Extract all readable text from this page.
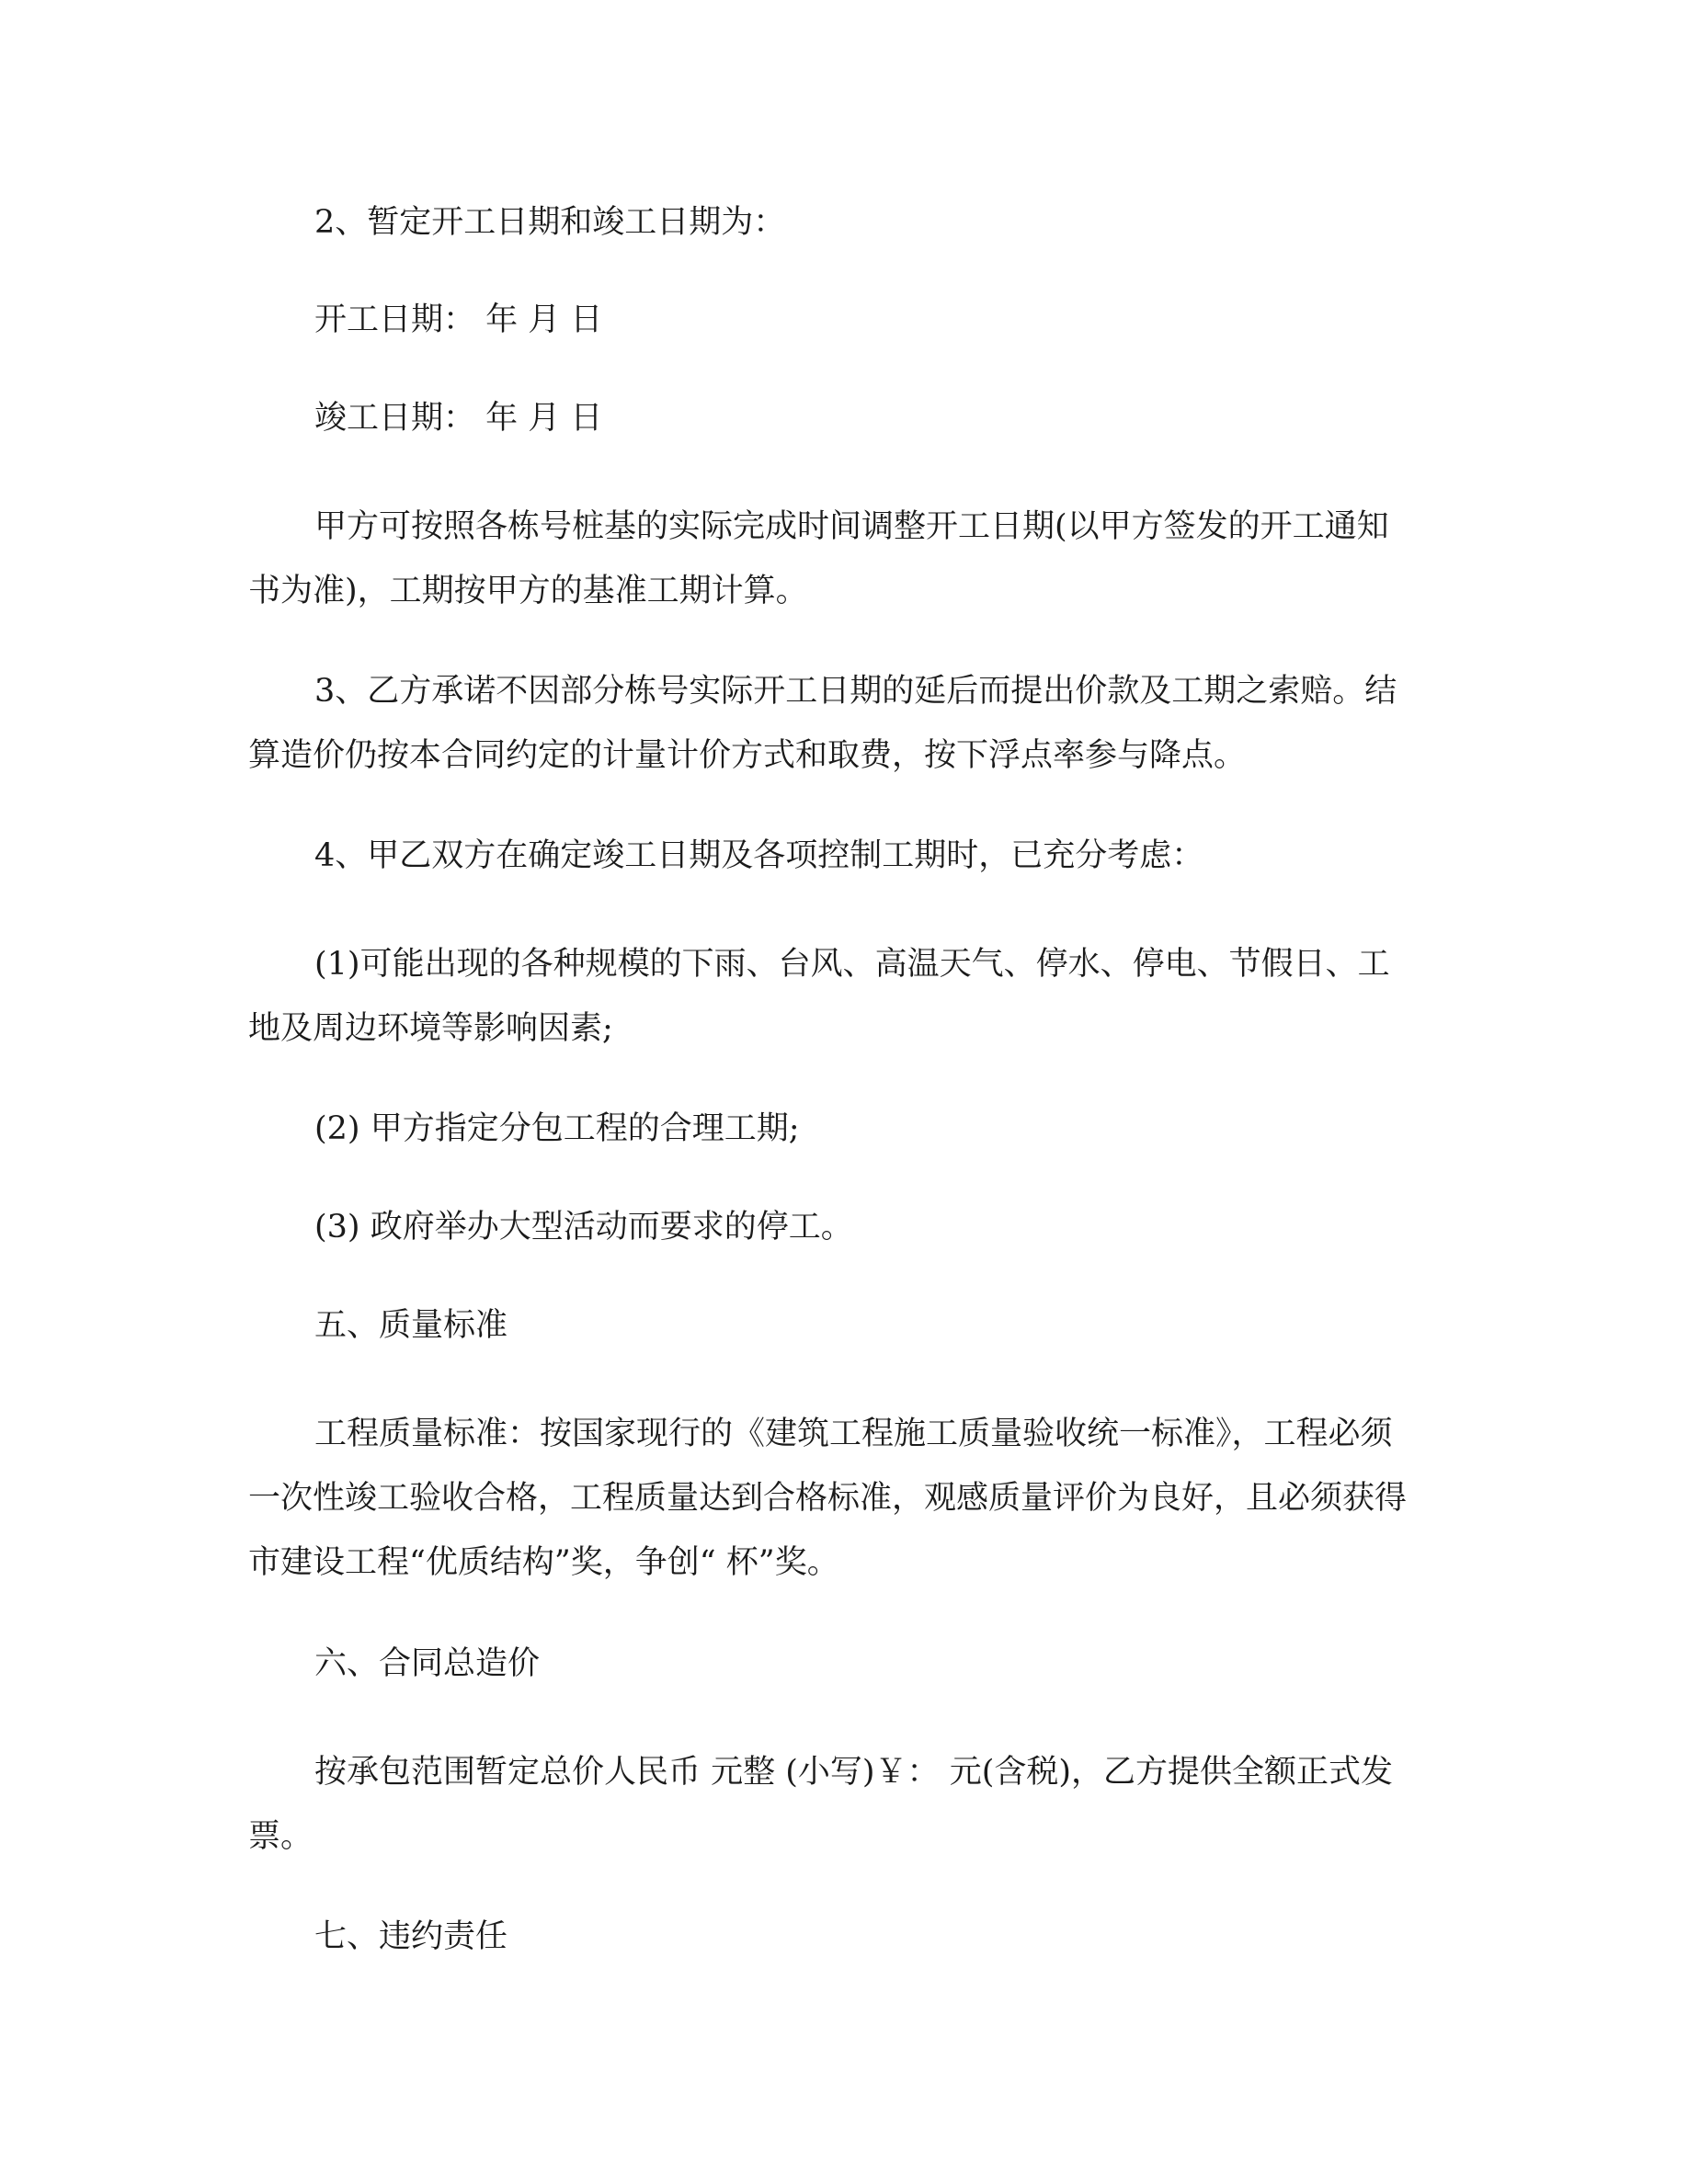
2、暂定开工日期和竣工日期为：

开工日期： 年 月 日

竣工日期： 年 月 日

甲方可按照各栋号桩基的实际完成时间调整开工日期(以甲方签发的开工通知
书为准)，工期按甲方的基准工期计算。

3、乙方承诺不因部分栋号实际开工日期的延后而提出价款及工期之索赔。结
算造价仍按本合同约定的计量计价方式和取费，按下浮点率参与降点。

4、甲乙双方在确定竣工日期及各项控制工期时，已充分考虑：

(1)可能出现的各种规模的下雨、台风、高温天气、停水、停电、节假日、工
地及周边环境等影响因素;

(2) 甲方指定分包工程的合理工期;

(3) 政府举办大型活动而要求的停工。

五、质量标准

工程质量标准：按国家现行的《建筑工程施工质量验收统一标准》，工程必须
一次性竣工验收合格，工程质量达到合格标准，观感质量评价为良好，且必须获得
市建设工程“优质结构”奖，争创“ 杯”奖。

六、合同总造价

按承包范围暂定总价人民币 元整 (小写)￥： 元(含税)，乙方提供全额正式发
票。

七、违约责任
